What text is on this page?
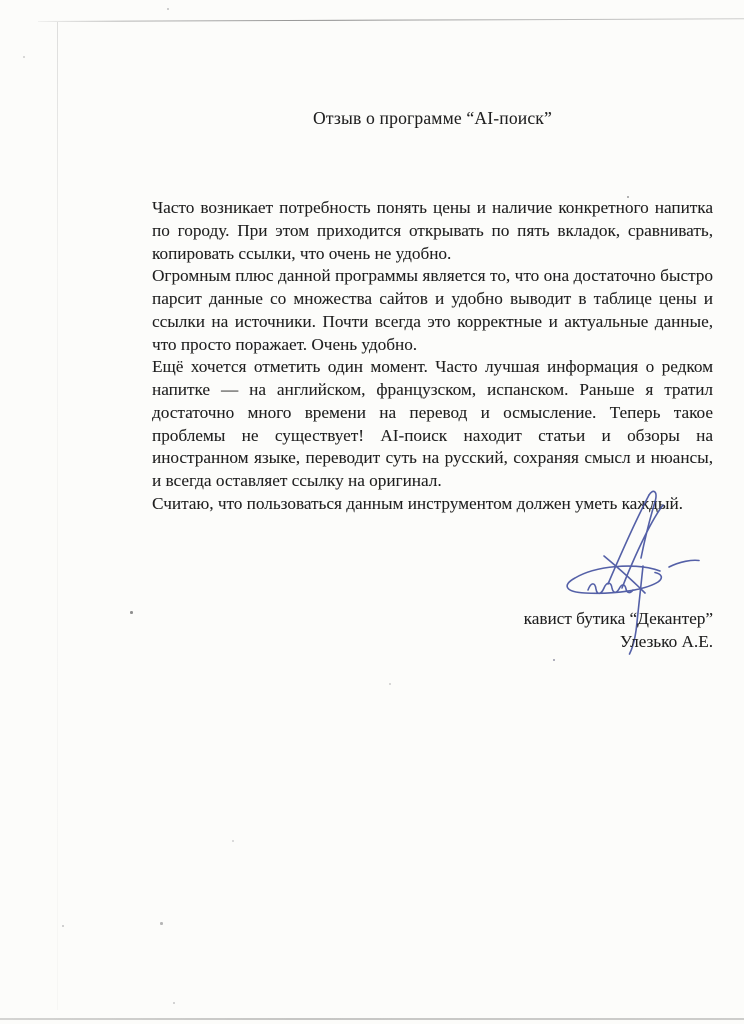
Отзыв о программе “AI-поиск”

Часто возникает потребность понять цены и наличие конкретного напитка по городу. При этом приходится открывать по пять вкладок, сравнивать, копировать ссылки, что очень не удобно.

Огромным плюс данной программы является то, что она достаточно быстро парсит данные со множества сайтов и удобно выводит в таблице цены и ссылки на источники. Почти всегда это корректные и актуальные данные, что просто поражает. Очень удобно.

Ещё хочется отметить один момент. Часто лучшая информация о редком напитке — на английском, французском, испанском. Раньше я тратил достаточно много времени на перевод и осмысление. Теперь такое проблемы не существует! AI-поиск находит статьи и обзоры на иностранном языке, переводит суть на русский, сохраняя смысл и нюансы, и всегда оставляет ссылку на оригинал.

Считаю, что пользоваться данным инструментом должен уметь каждый.

кавист бутика “Декантер”
Улезько А.Е.
